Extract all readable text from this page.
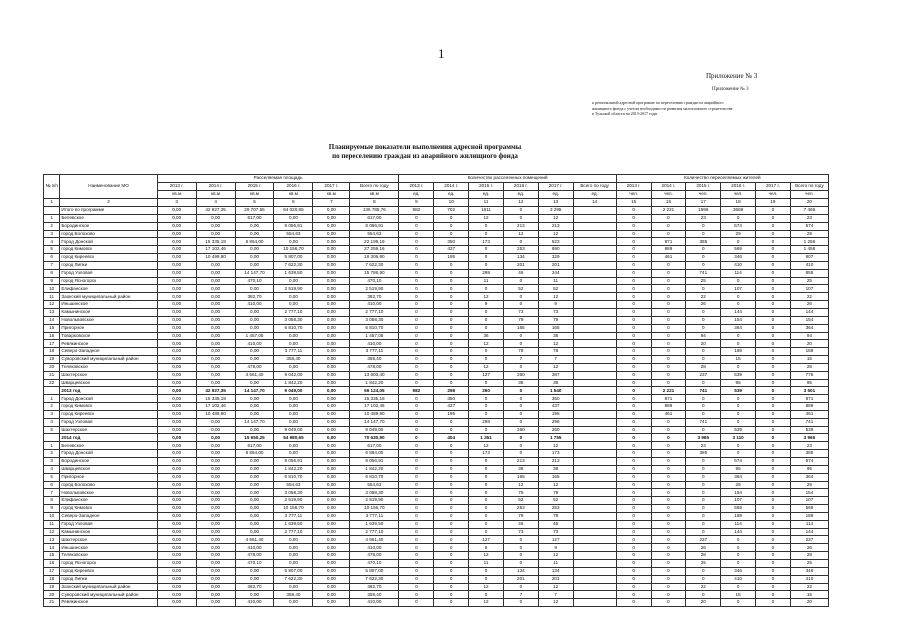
1
Приложение № 3
Приложение № 3
к региональной адресной программе по переселению граждан из аварийного
жилищного фонда с учетом необходимости развития малоэтажного строительства
в Тульской области на 2013-2017 годы
Планируемые показатели выполнения адресной программы
по переселению граждан из аварийного жилищного фонда
№ п/п	Наименование МО	Расселяемая площадь						Количество расселенных помещений						Количество переселяемых жителей					
		2013 г.	2014 г.	2015 г.	2016 г.	2017 г.	Всего по году	2013 г.	2014 г.	2015 г.	2016 г.	2017 г.	Всего по году	2013 г.	2014 г.	2015 г.	2016 г.	2017 г.	Всего по году
		кв.м	кв.м	кв.м	кв.м	кв.м	кв.м	ед.	ед.	ед.	ед.	ед.	ед.	чел.	чел.	чел.	чел.	чел.	чел.
1	2	3	4	5	6	7	8	9	10	11	12	13	14	15	16	17	18	19	20
	Итого по программе	0,00	42 927,35	29 707,55	64 020,65	0,00	136 785,76	982	702	1611	0	3 295		0	2 221	1596	3669	0	7 466
1	Белевское	0,00	0,00	617,00	0,00	0,00	617,00	0	0	12	0	12		0	0	23	0	0	23
2	Бородинское	0,00	0,00	0,00	8 056,91	0,00	8 056,91	0	0	0	213	213		0	0	0	574	0	574
3	город Болохово	0,00	0,00	0,00	554,63	0,00	554,63	0	0	0	12	12		0	0	0	29	0	29
4	Город Донской	0,00	15 335,19	6 864,00	0,00	0,00	22 199,19	0	350	173	0	523		0	871	385	0	0	1 256
5	город Кимовск	0,00	17 102,46	0,00	10 156,70	0,00	27 259,16	0	437	0	253	690		0	889	0	569	0	1 458
6	город Киреевск	0,00	10 499,90	0,00	5 807,00	0,00	16 306,90	0	195	0	134	329		0	461	0	346	0	807
7	город Липки	0,00	0,00	0,00	7 622,30	0,00	7 622,30	0	0	0	201	201		0	0	0	410	0	410
8	Город Узловая	0,00	0,00	14 147,70	1 639,50	0,00	15 786,90	0	0	298	46	344		0	0	741	114	0	855
9	город Ясногорск	0,00	0,00	470,10	0,00	0,00	470,10	0	0	11	0	11		0	0	25	0	0	25
10	Епифанское	0,00	0,00	0,00	2 519,90	0,00	2 519,90	0	0	0	52	52		0	0	0	107	0	107
11	Заокский муниципальный район	0,00	0,00	382,70	0,00	0,00	382,70	0	0	12	0	12		0	0	22	0	0	22
12	Иньшинское	0,00	0,00	410,00	0,00	0,00	410,00	0	0	9	0	9		0	0	26	0	0	26
13	Камынинское	0,00	0,00	0,00	2 777,10	0,00	2 777,10	0	0	0	73	73		0	0	0	144	0	144
14	Новольвовское	0,00	0,00	0,00	3 058,30	0,00	3 058,30	0	0	0	79	79		0	0	0	154	0	154
15	Пригорное	0,00	0,00	0,00	6 810,70	0,00	6 810,70	0	0	0	165	165		0	0	0	364	0	364
16	Товарковское	0,00	0,00	1 457,05	0,00	0,00	1 457,05	0	0	36	0	36		0	0	94	0	0	94
17	Ревякинское	0,00	0,00	410,00	0,00	0,00	410,00	0	0	12	0	12		0	0	20	0	0	20
18	Северо-Западное	0,00	0,00	0,00	3 777,11	0,00	3 777,11	0	0	0	78	78		0	0	0	189	0	189
19	Суворовский муниципальный район	0,00	0,00	0,00	358,40	0,00	358,40	0	0	0	7	7		0	0	0	15	0	15
20	Теляковское	0,00	0,00	478,00	0,00	0,00	478,00	0	0	12	0	12		0	0	28	0	0	28
21	Шахтерское	0,00	0,00	4 561,40	9 042,00	0,00	13 603,40	0	0	127	260	387		0	0	237	539	0	776
22	Шварцевское	0,00	0,00	0,00	1 842,20	0,00	1 842,20	0	0	0	38	38		0	0	0	95	0	95
	2013 год	0,00	42 927,35	14 147,70	9 049,00	0,00	66 124,05	982	298	260	0	1 540		0	2 221	741	539	0	3 501
1	Город Донской	0,00	15 335,19	0,00	0,00	0,00	15 335,19	0	350	0	0	350		0	871	0	0	0	871
2	город Кимовск	0,00	17 102,46	0,00	0,00	0,00	17 102,46	0	437	0	0	437		0	889	0	0	0	889
3	город Киреевск	0,00	10 489,90	0,00	0,00	0,00	10 489,90	0	195	0	0	195		0	461	0	0	0	461
4	Город Узловая	0,00	0,00	14 147,70	0,00	0,00	14 147,70	0	0	298	0	298		0	0	741	0	0	741
5	Шахтерское	0,00	0,00	0,00	9 049,00	0,00	9 049,00	0	0	0	260	260		0	0	0	539	0	539
	2014 год	0,00	0,00	15 650,25	54 980,65	0,00	70 630,90	0	404	1 351	0	1 755		0	0	3 965	3 110	0	3 965
1	Белевское	0,00	0,00	617,00	0,00	0,00	617,00	0	0	12	0	12		0	0	23	0	0	23
2	Город Донской	0,00	0,00	6 864,00	0,00	0,00	6 864,00	0	0	173	0	173		0	0	385	0	0	385
3	Бородинское	0,00	0,00	0,00	8 056,91	0,00	8 056,91	0	0	0	213	213		0	0	0	574	0	574
4	Шварцевское	0,00	0,00	0,00	1 842,20	0,00	1 842,20	0	0	0	38	38		0	0	0	95	0	95
5	Пригорное	0,00	0,00	0,00	6 810,70	0,00	6 810,70	0	0	0	165	165		0	0	0	364	0	364
6	город Болохово	0,00	0,00	0,00	554,63	0,00	554,63	0	0	0	12	12		0	0	0	29	0	29
7	Новольвовское	0,00	0,00	0,00	3 058,30	0,00	3 058,30	0	0	0	79	79		0	0	0	154	0	154
8	Епифанское	0,00	0,00	0,00	2 519,90	0,00	2 519,90	0	0	0	52	52		0	0	0	107	0	107
9	город Кимовск	0,00	0,00	0,00	10 156,70	0,00	10 156,70	0	0	0	253	253		0	0	0	569	0	569
10	Северо-Западное	0,00	0,00	0,00	3 777,11	0,00	3 777,11	0	0	0	78	78		0	0	0	189	0	189
11	Город Узловая	0,00	0,00	0,00	1 639,50	0,00	1 639,50	0	0	0	46	46		0	0	0	114	0	114
12	Камынинское	0,00	0,00	0,00	2 777,10	0,00	2 777,10	0	0	0	73	73		0	0	0	144	0	144
13	Шахтерское	0,00	0,00	4 561,40	0,00	0,00	4 561,40	0	0	127	0	127		0	0	237	0	0	237
14	Иньшинское	0,00	0,00	410,00	0,00	0,00	410,00	0	0	9	0	9		0	0	26	0	0	26
15	Теляковское	0,00	0,00	478,00	0,00	0,00	478,00	0	0	12	0	12		0	0	28	0	0	28
16	город Ясногорск	0,00	0,00	470,10	0,00	0,00	470,10	0	0	11	0	11		0	0	25	0	0	25
17	город Киреевск	0,00	0,00	0,00	5 807,00	0,00	5 807,00	0	0	0	134	134		0	0	0	346	0	346
18	город Липки	0,00	0,00	0,00	7 622,30	0,00	7 622,30	0	0	0	201	201		0	0	0	410	0	410
19	Заокский муниципальный район	0,00	0,00	382,70	0,00	0,00	382,70	0	0	12	0	12		0	0	22	0	0	22
20	Суворовский муниципальный район	0,00	0,00	0,00	358,40	0,00	358,40	0	0	0	7	7		0	0	0	15	0	15
21	Ревякинское	0,00	0,00	410,00	0,00	0,00	410,00	0	0	12	0	12		0	0	20	0	0	20
